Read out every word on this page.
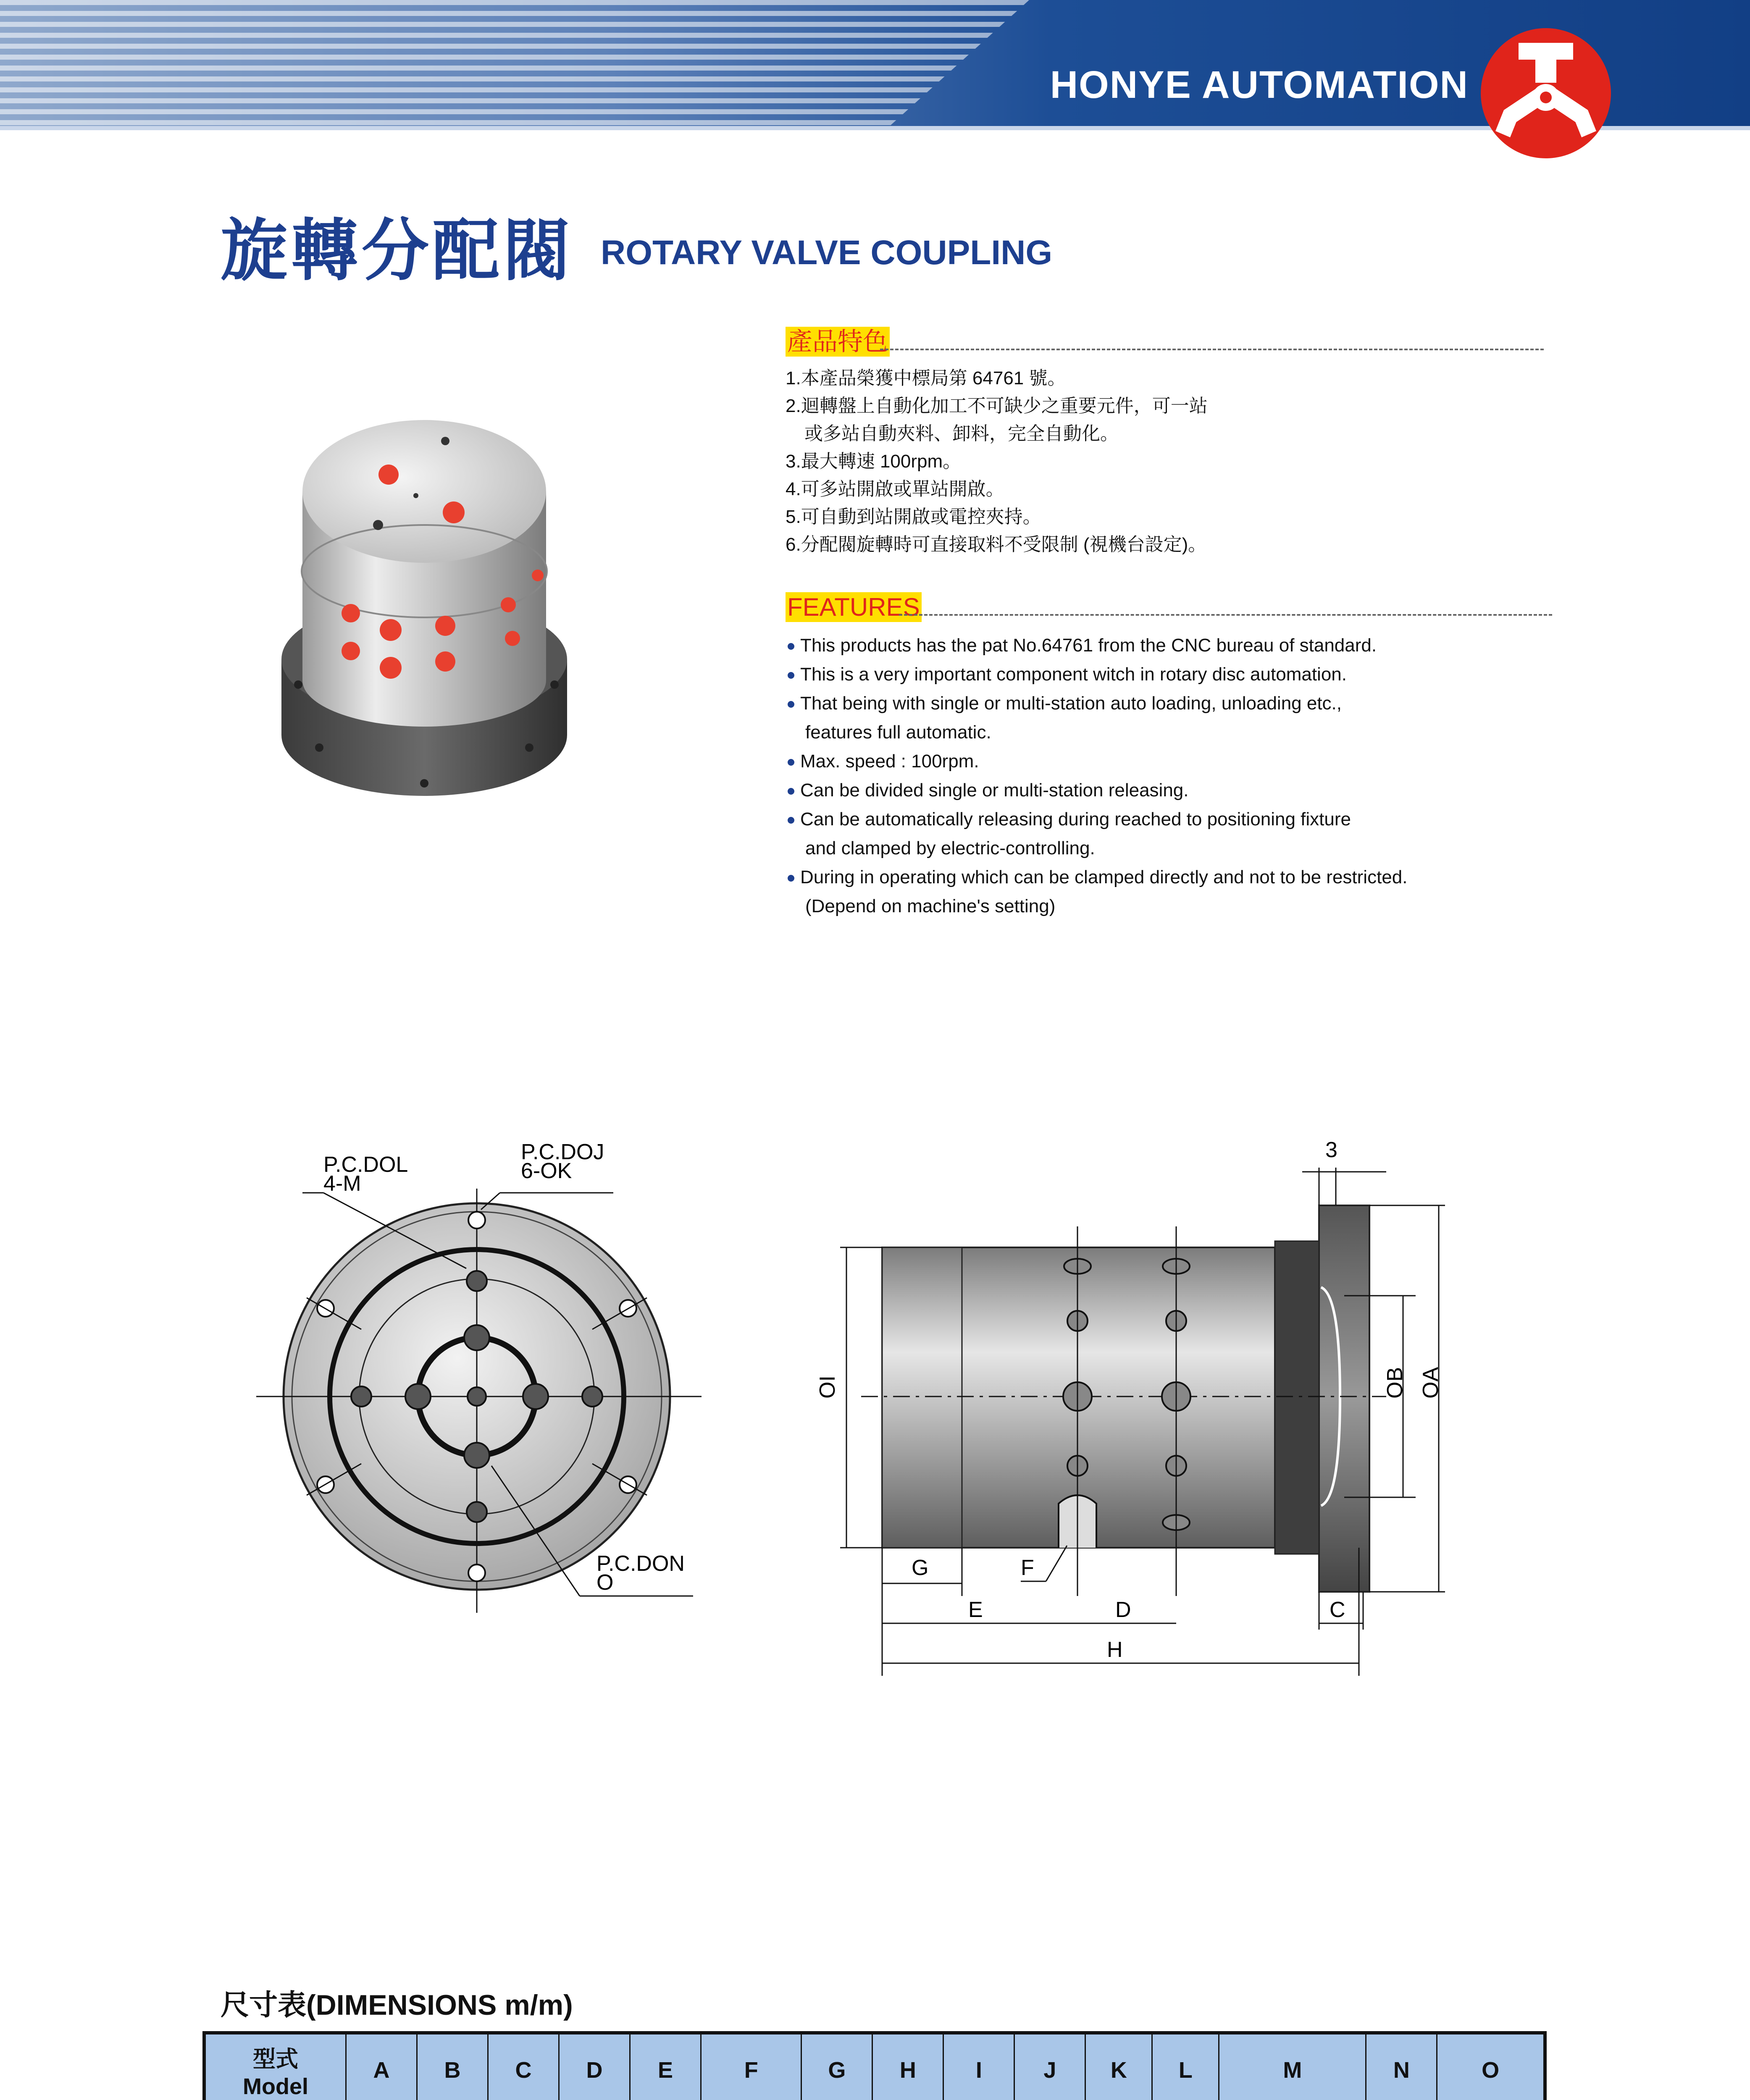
HONYE AUTOMATION
旋轉分配閥 ROTARY VALVE COUPLING
產品特色
1.本產品榮獲中標局第 64761 號。
2.迴轉盤上自動化加工不可缺少之重要元件，可一站
或多站自動夾料、卸料，完全自動化。
3.最大轉速 100rpm。
4.可多站開啟或單站開啟。
5.可自動到站開啟或電控夾持。
6.分配閥旋轉時可直接取料不受限制 (視機台設定)。
FEATURES
This products has the pat No.64761 from the CNC bureau of standard.
This is a very important component witch in rotary disc automation.
That being with single or multi-station auto loading, unloading etc.,
features full automatic.
Max. speed : 100rpm.
Can be divided single or multi-station releasing.
Can be automatically releasing during reached to positioning fixture
and clamped by electric-controlling.
During in operating which can be clamped directly and not to be restricted.
(Depend on machine's setting)
P.C.DOL
4-M
P.C.DOJ
6-OK
P.C.DON
O
3
OI	OB OA
G	F
E	D	C
H
尺寸表(DIMENSIONS m/m)
型式
Model	A	B	C	D	E	F	G	H	I	J	K	L	M	N	O
